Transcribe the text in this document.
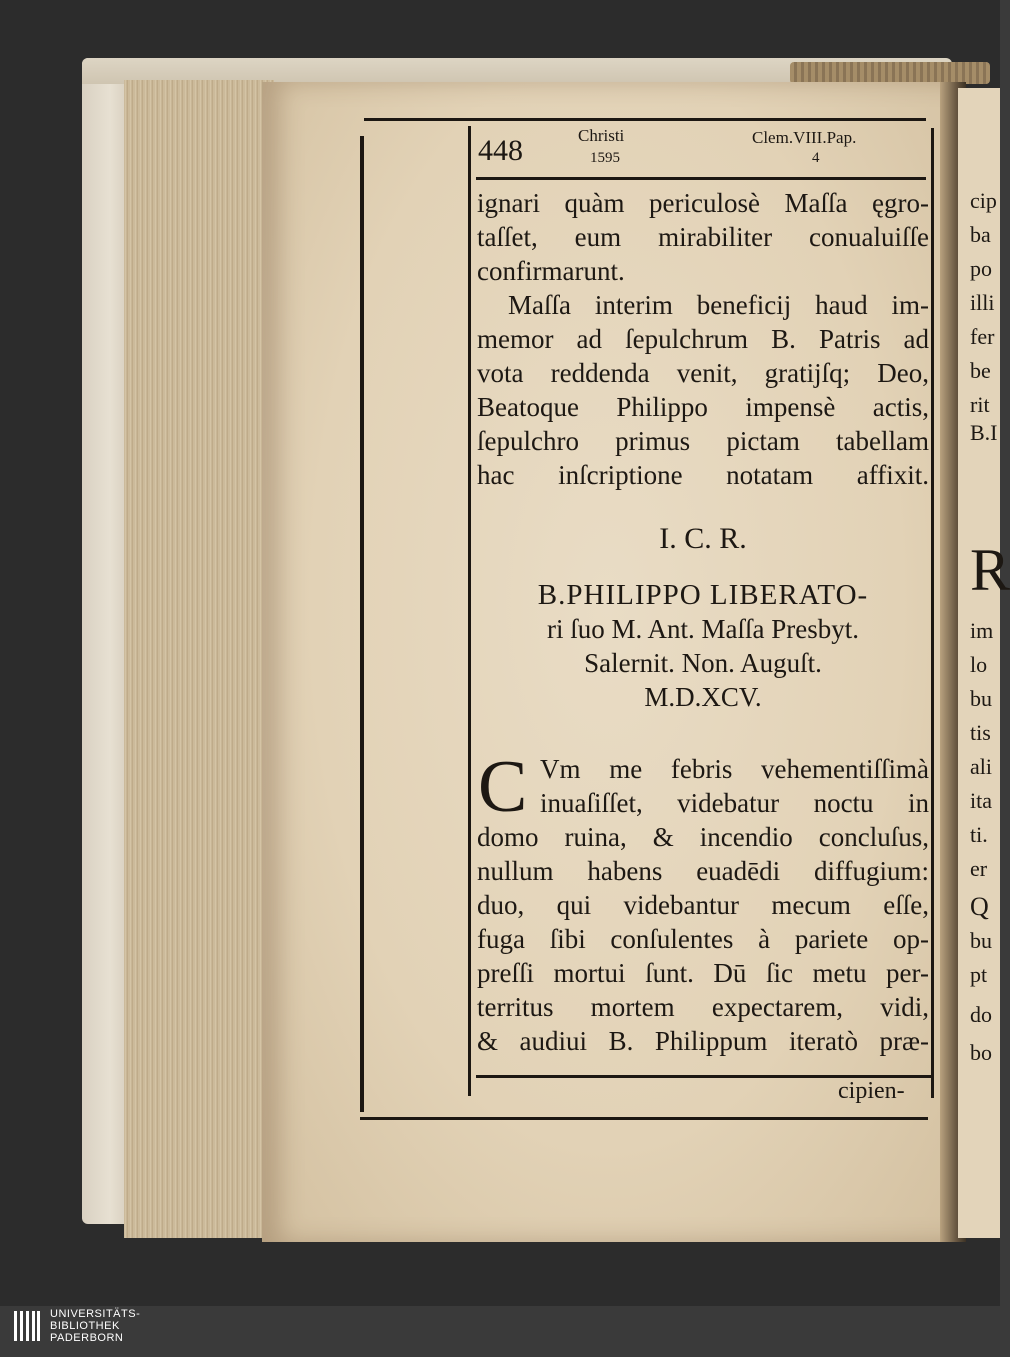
448	Christi
1595
Clem.VIII.Pap.
4
ignari quàm periculosè Maſſa ęgro-
taſſet, eum mirabiliter conualuiſſe
confirmarunt.
Maſſa interim beneficij haud im-
memor ad ſepulchrum B. Patris ad
vota reddenda venit, gratijſq; Deo,
Beatoque Philippo impensè actis,
ſepulchro primus pictam tabellam
hac inſcriptione notatam affixit.
I. C. R.
B.PHILIPPO LIBERATO-
ri ſuo M. Ant. Maſſa Presbyt.
Salernit. Non. Auguſt.
M.D.XCV.
C Vm me febris vehementiſſimà
inuaſiſſet, videbatur noctu in
domo ruina, & incendio concluſus,
nullum habens euadēdi diffugium:
duo, qui videbantur mecum eſſe,
fuga ſibi conſulentes à pariete op-
preſſi mortui ſunt. Dū ſic metu per-
territus mortem expectarem, vidi,
& audiui B. Philippum iteratò præ-
cipien-
cip
ba
po
illi
fer
be
rit
B.I
R
im
lo
bu
tis
ali
ita
ti.
er
Q
bu
pt
do
bo
UNIVERSITÄTS-
BIBLIOTHEK
PADERBORN
